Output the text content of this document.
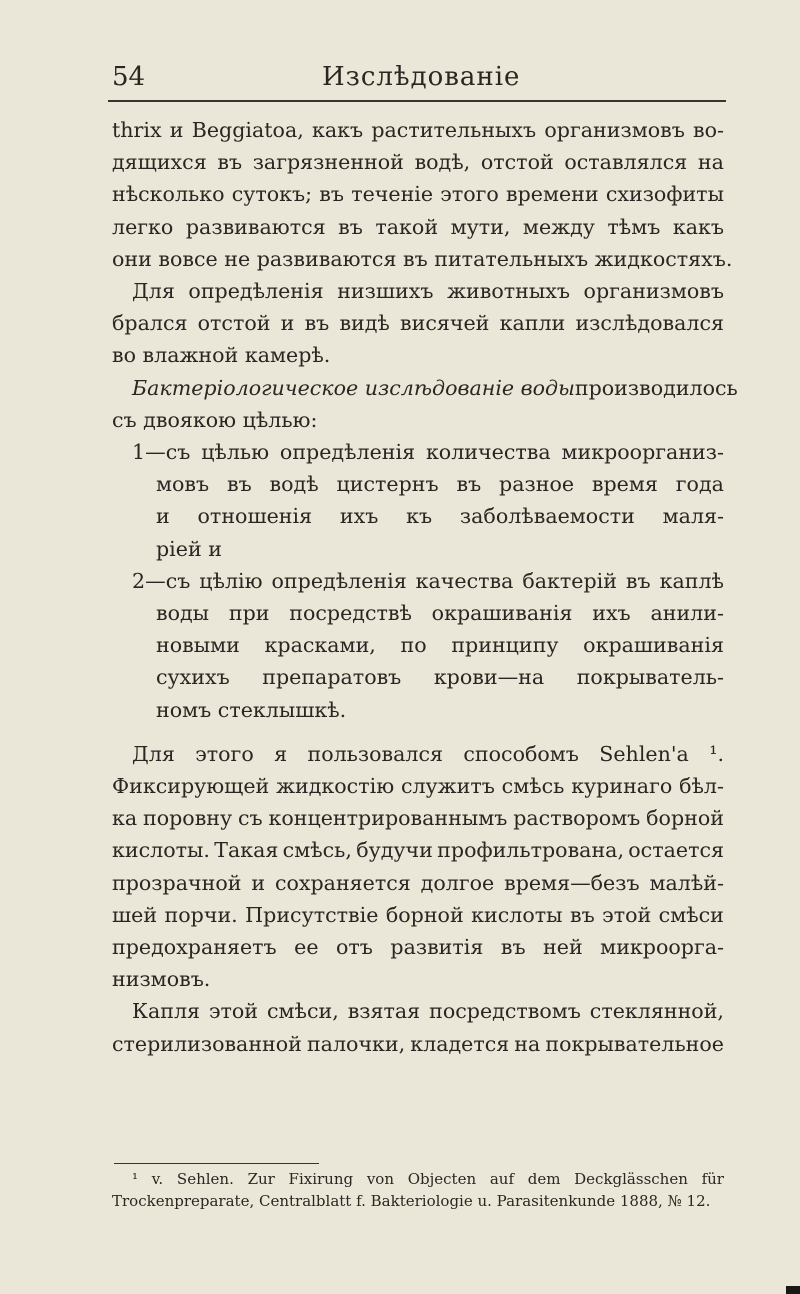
54	Изслѣдованіе
thrix и Beggiatoa, какъ растительныхъ организмовъ во-
дящихся въ загрязненной водѣ, отстой оставлялся на
нѣсколько сутокъ; въ теченіе этого времени схизофиты
легко развиваются въ такой мути, между тѣмъ какъ
они вовсе не развиваются въ питательныхъ жидкостяхъ.
Для опредѣленія низшихъ животныхъ организмовъ
брался отстой и въ видѣ висячей капли изслѣдовался
во влажной камерѣ.
Бактеріологическое изслѣдованіе воды производилось
съ двоякою цѣлью:
1—съ цѣлью опредѣленія количества микроорганиз-
мовъ въ водѣ цистернъ въ разное время года
и отношенія ихъ къ заболѣваемости маля-
ріей и
2—съ цѣлію опредѣленія качества бактерій въ каплѣ
воды при посредствѣ окрашиванія ихъ анили-
новыми красками, по принципу окрашиванія
сухихъ препаратовъ крови—на покрыватель-
номъ стеклышкѣ.
Для этого я пользовался способомъ Sehlen'а ¹.
Фиксирующей жидкостію служитъ смѣсь куринаго бѣл-
ка поровну съ концентрированнымъ растворомъ борной
кислоты. Такая смѣсь, будучи профильтрована, остается
прозрачной и сохраняется долгое время—безъ малѣй-
шей порчи. Присутствіе борной кислоты въ этой смѣси
предохраняетъ ее отъ развитія въ ней микроорга-
низмовъ.
Капля этой смѣси, взятая посредствомъ стеклянной,
стерилизованной палочки, кладется на покрывательное
¹ v. Sehlen. Zur Fixirung von Objecten auf dem Deckglässchen für
Trockenpreparate, Centralblatt f. Bakteriologie u. Parasitenkunde 1888, № 12.
